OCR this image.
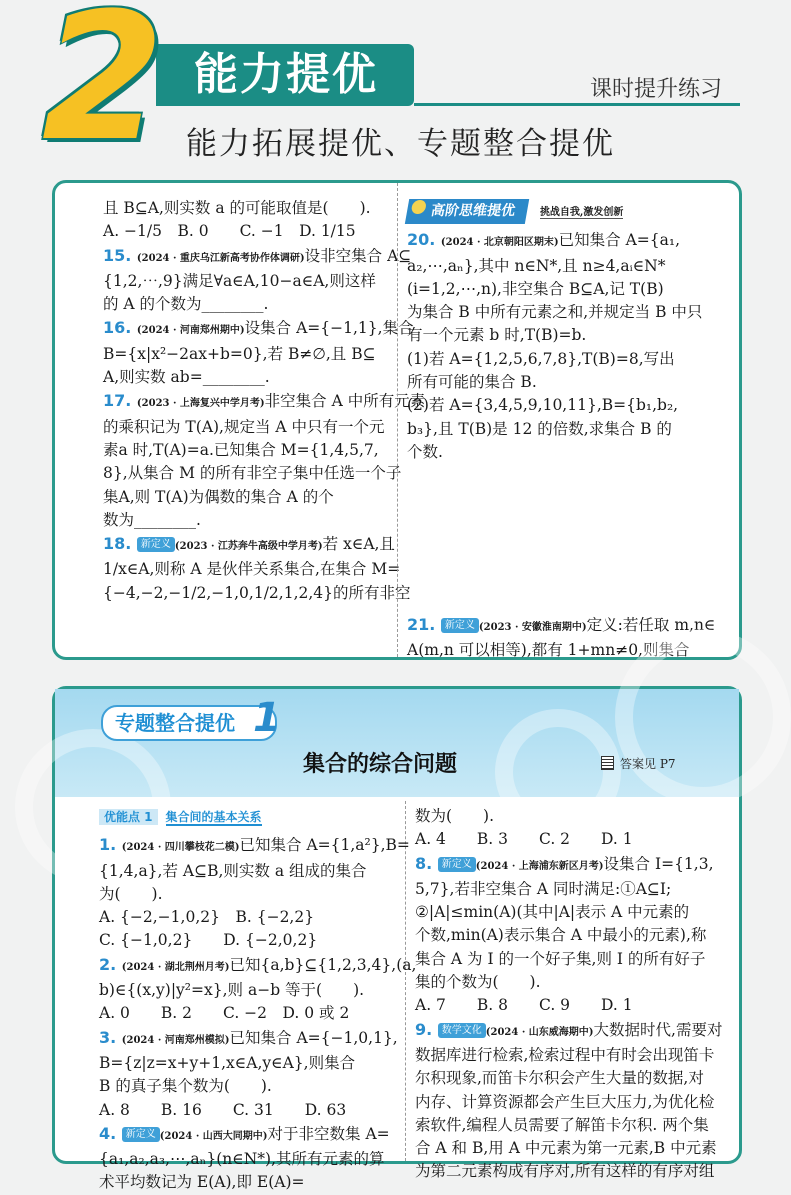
2 能力提优	课时提升练习
能力拓展提优、专题整合提优
且 B⊆A,则实数 a 的可能取值是(　　).
A. −1/5　B. 0　　C. −1　D. 1/15
15. (2024 · 重庆乌江新高考协作体调研)设非空集合 A⊆
{1,2,⋯,9}满足∀a∈A,10−a∈A,则这样
的 A 的个数为________.
16. (2024 · 河南郑州期中)设集合 A={−1,1},集合
B={x|x²−2ax+b=0},若 B≠∅,且 B⊆
A,则实数 ab=________.
17. (2023 · 上海复兴中学月考)非空集合 A 中所有元素
的乘积记为 T(A),规定当 A 中只有一个元
素a 时,T(A)=a.已知集合 M={1,4,5,7,
8},从集合 M 的所有非空子集中任选一个子
集A,则 T(A)为偶数的集合 A 的个
数为________.
18. 新定义 (2023 · 江苏奔牛高级中学月考)若 x∈A,且
1/x∈A,则称 A 是伙伴关系集合,在集合 M=
{−4,−2,−1/2,−1,0,1/2,1,2,4}的所有非空
高阶思维提优 挑战自我,激发创新
20. (2024 · 北京朝阳区期末)已知集合 A={a₁,
a₂,⋯,aₙ},其中 n∈N*,且 n≥4,aᵢ∈N*
(i=1,2,⋯,n),非空集合 B⊆A,记 T(B)
为集合 B 中所有元素之和,并规定当 B 中只
有一个元素 b 时,T(B)=b.
(1)若 A={1,2,5,6,7,8},T(B)=8,写出
所有可能的集合 B.
(2)若 A={3,4,5,9,10,11},B={b₁,b₂,
b₃},且 T(B)是 12 的倍数,求集合 B 的
个数.
21. 新定义 (2023 · 安徽淮南期中)定义:若任取 m,n∈
A(m,n 可以相等),都有 1+mn≠0,则集合
专题整合提优 1
集合的综合问题	答案见 P7
优能点 1 集合间的基本关系
1. (2024 · 四川攀枝花二模)已知集合 A={1,a²},B=
{1,4,a},若 A⊆B,则实数 a 组成的集合
为(　　).
A. {−2,−1,0,2}　B. {−2,2}
C. {−1,0,2}　　D. {−2,0,2}
2. (2024 · 湖北荆州月考)已知{a,b}⊆{1,2,3,4},(a,
b)∈{(x,y)|y²=x},则 a−b 等于(　　).
A. 0　　B. 2　　C. −2　D. 0 或 2
3. (2024 · 河南郑州模拟)已知集合 A={−1,0,1},
B={z|z=x+y+1,x∈A,y∈A},则集合
B 的真子集个数为(　　).
A. 8　　B. 16　　C. 31　　D. 63
4. 新定义 (2024 · 山西大同期中)对于非空数集 A=
{a₁,a₂,a₃,⋯,aₙ}(n∈N*),其所有元素的算
术平均数记为 E(A),即 E(A)=
数为(　　).
A. 4　　B. 3　　C. 2　　D. 1
8. 新定义 (2024 · 上海浦东新区月考)设集合 I={1,3,
5,7},若非空集合 A 同时满足:①A⊆I;
②|A|≤min(A)(其中|A|表示 A 中元素的
个数,min(A)表示集合 A 中最小的元素),称
集合 A 为 I 的一个好子集,则 I 的所有好子
集的个数为(　　).
A. 7　　B. 8　　C. 9　　D. 1
9. 数学文化 (2024 · 山东威海期中)大数据时代,需要对
数据库进行检索,检索过程中有时会出现笛卡
尔积现象,而笛卡尔积会产生大量的数据,对
内存、计算资源都会产生巨大压力,为优化检
索软件,编程人员需要了解笛卡尔积. 两个集
合 A 和 B,用 A 中元素为第一元素,B 中元素
为第二元素构成有序对,所有这样的有序对组
